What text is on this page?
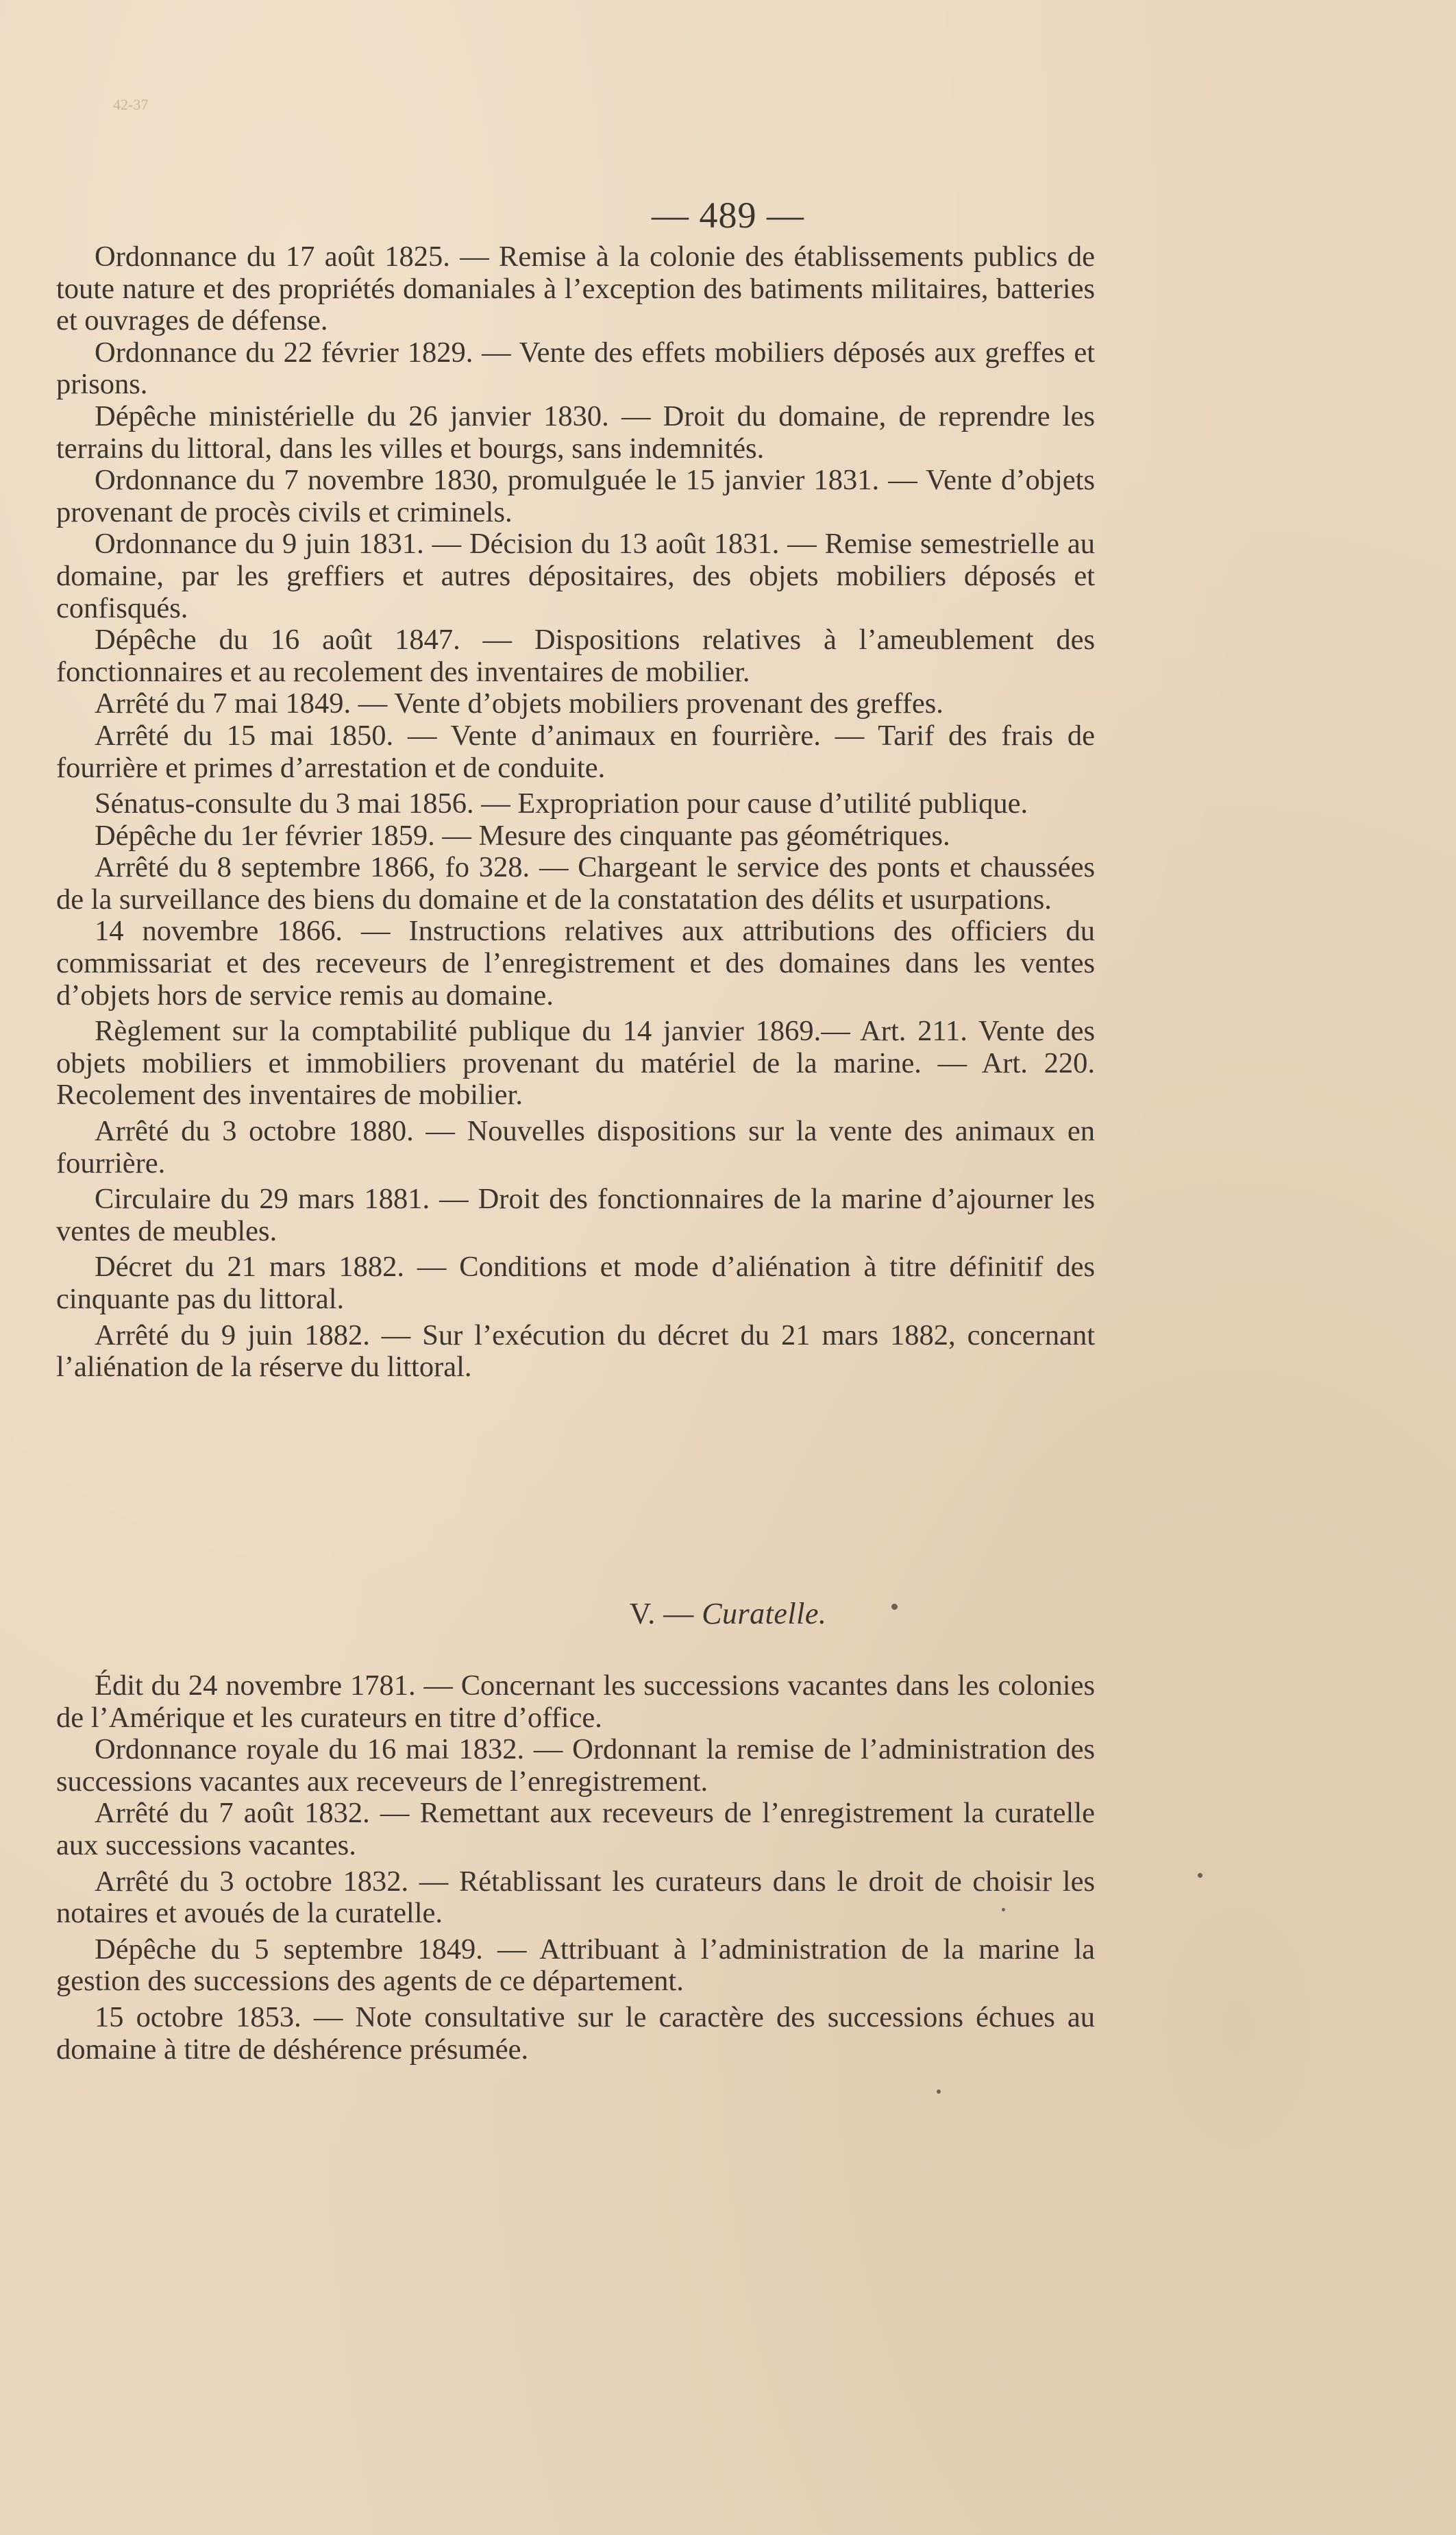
42-37
— 489 —

Ordonnance du 17 août 1825. — Remise à la colonie des établissements publics de toute nature et des propriétés domaniales à l’exception des batiments militaires, batteries et ouvrages de défense.

Ordonnance du 22 février 1829. — Vente des effets mobiliers déposés aux greffes et prisons.

Dépêche ministérielle du 26 janvier 1830. — Droit du domaine, de reprendre les terrains du littoral, dans les villes et bourgs, sans indemnités.

Ordonnance du 7 novembre 1830, promulguée le 15 janvier 1831. — Vente d’objets provenant de procès civils et criminels.

Ordonnance du 9 juin 1831. — Décision du 13 août 1831. — Remise semestrielle au domaine, par les greffiers et autres dépositaires, des objets mobiliers déposés et confisqués.

Dépêche du 16 août 1847. — Dispositions relatives à l’ameublement des fonctionnaires et au recolement des inventaires de mobilier.

Arrêté du 7 mai 1849. — Vente d’objets mobiliers provenant des greffes.

Arrêté du 15 mai 1850. — Vente d’animaux en fourrière. — Tarif des frais de fourrière et primes d’arrestation et de conduite.

Sénatus-consulte du 3 mai 1856. — Expropriation pour cause d’utilité publique.

Dépêche du 1er février 1859. — Mesure des cinquante pas géométriques.

Arrêté du 8 septembre 1866, fo 328. — Chargeant le service des ponts et chaussées de la surveillance des biens du domaine et de la constatation des délits et usurpations.

14 novembre 1866. — Instructions relatives aux attributions des officiers du commissariat et des receveurs de l’enregistrement et des domaines dans les ventes d’objets hors de service remis au domaine.

Règlement sur la comptabilité publique du 14 janvier 1869.— Art. 211. Vente des objets mobiliers et immobiliers provenant du matériel de la marine. — Art. 220. Recolement des inventaires de mobilier.

Arrêté du 3 octobre 1880. — Nouvelles dispositions sur la vente des animaux en fourrière.

Circulaire du 29 mars 1881. — Droit des fonctionnaires de la marine d’ajourner les ventes de meubles.

Décret du 21 mars 1882. — Conditions et mode d’aliénation à titre définitif des cinquante pas du littoral.

Arrêté du 9 juin 1882. — Sur l’exécution du décret du 21 mars 1882, concernant l’aliénation de la réserve du littoral.

V. — Curatelle.

Édit du 24 novembre 1781. — Concernant les successions vacantes dans les colonies de l’Amérique et les curateurs en titre d’office.

Ordonnance royale du 16 mai 1832. — Ordonnant la remise de l’administration des successions vacantes aux receveurs de l’enregistrement.

Arrêté du 7 août 1832. — Remettant aux receveurs de l’enregistrement la curatelle aux successions vacantes.

Arrêté du 3 octobre 1832. — Rétablissant les curateurs dans le droit de choisir les notaires et avoués de la curatelle.

Dépêche du 5 septembre 1849. — Attribuant à l’administration de la marine la gestion des successions des agents de ce département.

15 octobre 1853. — Note consultative sur le caractère des successions échues au domaine à titre de déshérence présumée.
